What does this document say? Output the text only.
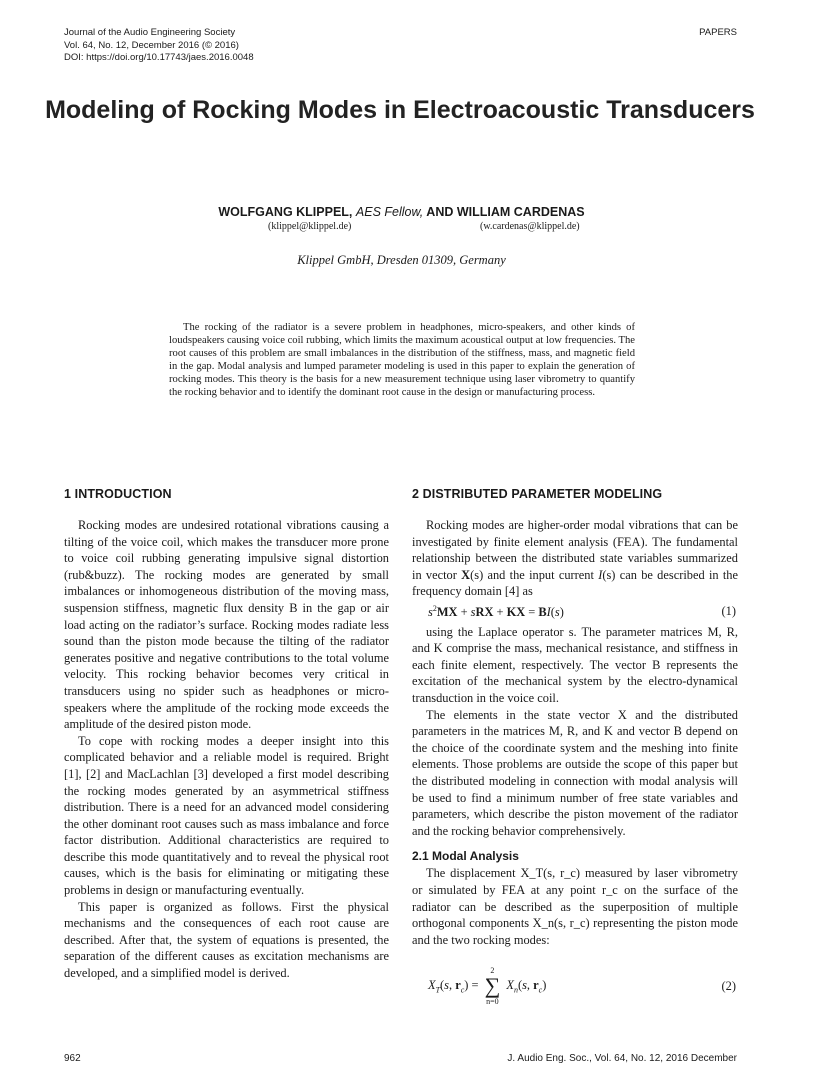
Journal of the Audio Engineering Society
Vol. 64, No. 12, December 2016 (© 2016)
DOI: https://doi.org/10.17743/jaes.2016.0048
PAPERS
Modeling of Rocking Modes in Electroacoustic Transducers
WOLFGANG KLIPPEL, AES Fellow, AND WILLIAM CARDENAS
(klippel@klippel.de)	(w.cardenas@klippel.de)
Klippel GmbH, Dresden 01309, Germany

The rocking of the radiator is a severe problem in headphones, micro-speakers, and other kinds of loudspeakers causing voice coil rubbing, which limits the maximum acoustical output at low frequencies. The root causes of this problem are small imbalances in the distribution of the stiffness, mass, and magnetic field in the gap. Modal analysis and lumped parameter modeling is used in this paper to explain the generation of rocking modes. This theory is the basis for a new measurement technique using laser vibrometry to quantify the rocking behavior and to identify the dominant root cause in the design or manufacturing process.

1 INTRODUCTION

Rocking modes are undesired rotational vibrations causing a tilting of the voice coil, which makes the transducer more prone to voice coil rubbing generating impulsive signal distortion (rub&buzz). The rocking modes are generated by small imbalances or inhomogeneous distribution of the moving mass, suspension stiffness, magnetic flux density B in the gap or air load acting on the radiator’s surface. Rocking modes radiate less sound than the piston mode because the tilting of the radiator generates positive and negative contributions to the total volume velocity. This rocking behavior becomes very critical in transducers using no spider such as headphones or micro-speakers where the amplitude of the rocking mode exceeds the amplitude of the desired piston mode.

To cope with rocking modes a deeper insight into this complicated behavior and a reliable model is required. Bright [1], [2] and MacLachlan [3] developed a first model describing the rocking modes generated by an asymmetrical stiffness distribution. There is a need for an advanced model considering the other dominant root causes such as mass imbalance and force factor distribution. Additional characteristics are required to describe this mode quantitatively and to reveal the physical root causes, which is the basis for eliminating or mitigating these problems in design or manufacturing eventually.

This paper is organized as follows. First the physical mechanisms and the consequences of each root cause are described. After that, the system of equations is presented, the separation of the different causes as excitation mechanisms are developed, and a simplified model is derived.

2 DISTRIBUTED PARAMETER MODELING

Rocking modes are higher-order modal vibrations that can be investigated by finite element analysis (FEA). The fundamental relationship between the distributed state variables summarized in vector X(s) and the input current I(s) can be described in the frequency domain [4] as

$s^2MX$ + sRX + KX = BI(s)	(1)

using the Laplace operator s. The parameter matrices M, R, and K comprise the mass, mechanical resistance, and stiffness in each finite element, respectively. The vector B represents the excitation of the mechanical system by the electro-dynamical transduction in the voice coil.

The elements in the state vector X and the distributed parameters in the matrices M, R, and K and vector B depend on the choice of the coordinate system and the meshing into finite elements. Those problems are outside the scope of this paper but the distributed modeling in connection with modal analysis will be used to find a minimum number of free state variables and parameters, which describe the piston movement of the radiator and the rocking behavior comprehensively.

2.1 Modal Analysis

The displacement X_T(s, r_c) measured by laser vibrometry or simulated by FEA at any point r_c on the surface of the radiator can be described as the superposition of multiple orthogonal components X_n(s, r_c) representing the piston mode and the two rocking modes:

$X_T(s$, $r_c$) =
2
∑
n=0
$X_n(s$, $r_c$)	(2)
962	J. Audio Eng. Soc., Vol. 64, No. 12, 2016 December
